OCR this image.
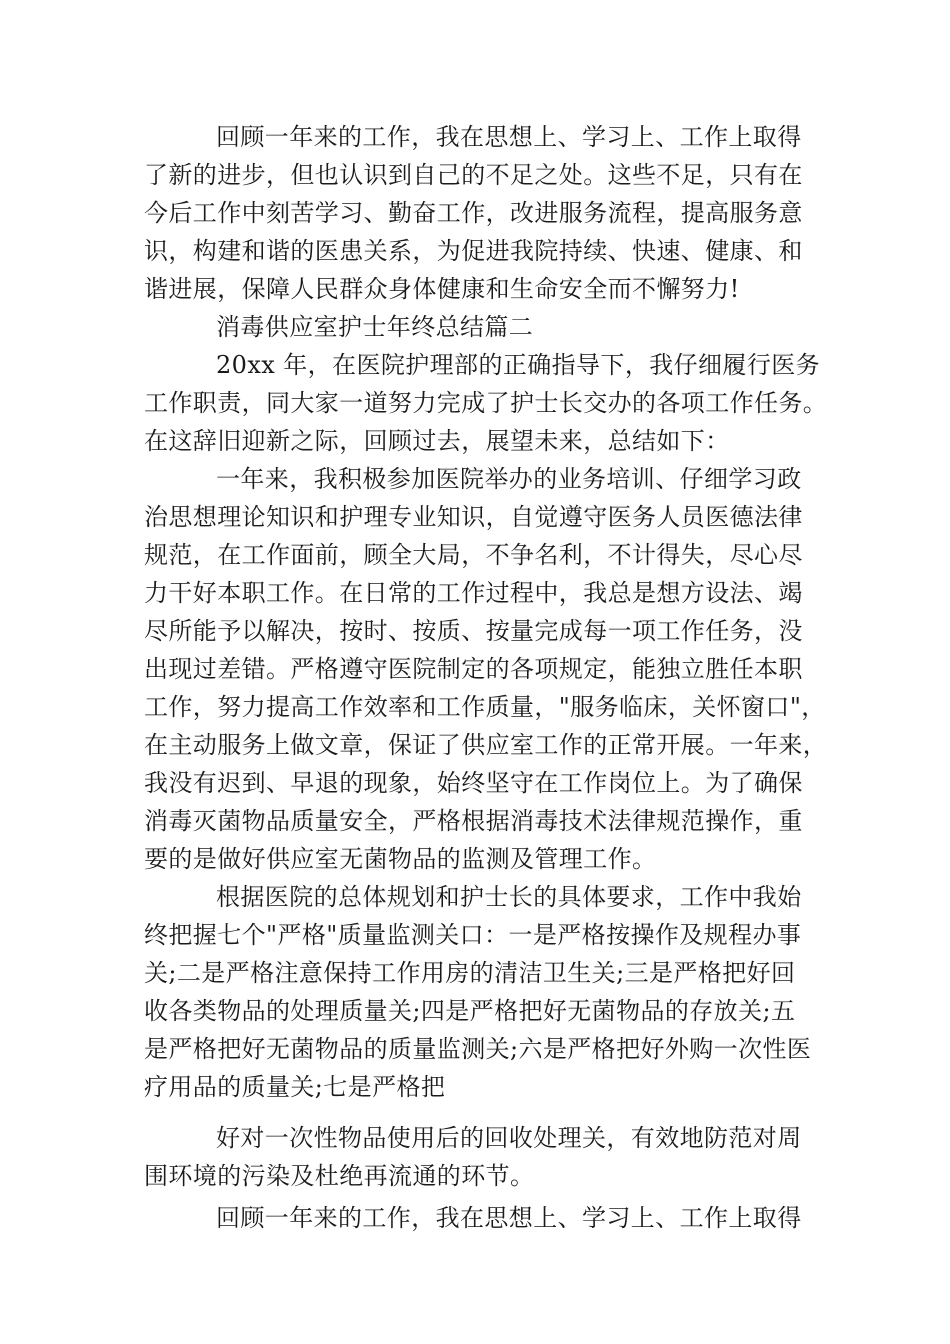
回顾一年来的工作，我在思想上、学习上、工作上取得
了新的进步，但也认识到自己的不足之处。这些不足，只有在
今后工作中刻苦学习、勤奋工作，改进服务流程，提高服务意
识，构建和谐的医患关系，为促进我院持续、快速、健康、和
谐进展，保障人民群众身体健康和生命安全而不懈努力!
消毒供应室护士年终总结篇二
20xx 年，在医院护理部的正确指导下，我仔细履行医务
工作职责，同大家一道努力完成了护士长交办的各项工作任务。
在这辞旧迎新之际，回顾过去，展望未来，总结如下：
一年来，我积极参加医院举办的业务培训、仔细学习政
治思想理论知识和护理专业知识，自觉遵守医务人员医德法律
规范，在工作面前，顾全大局，不争名利，不计得失，尽心尽
力干好本职工作。在日常的工作过程中，我总是想方设法、竭
尽所能予以解决，按时、按质、按量完成每一项工作任务，没
出现过差错。严格遵守医院制定的各项规定，能独立胜任本职
工作，努力提高工作效率和工作质量，"服务临床，关怀窗口"，
在主动服务上做文章，保证了供应室工作的正常开展。一年来，
我没有迟到、早退的现象，始终坚守在工作岗位上。为了确保
消毒灭菌物品质量安全，严格根据消毒技术法律规范操作，重
要的是做好供应室无菌物品的监测及管理工作。
根据医院的总体规划和护士长的具体要求，工作中我始
终把握七个"严格"质量监测关口：一是严格按操作及规程办事
关;二是严格注意保持工作用房的清洁卫生关;三是严格把好回
收各类物品的处理质量关;四是严格把好无菌物品的存放关;五
是严格把好无菌物品的质量监测关;六是严格把好外购一次性医
疗用品的质量关;七是严格把
好对一次性物品使用后的回收处理关，有效地防范对周
围环境的污染及杜绝再流通的环节。
回顾一年来的工作，我在思想上、学习上、工作上取得
